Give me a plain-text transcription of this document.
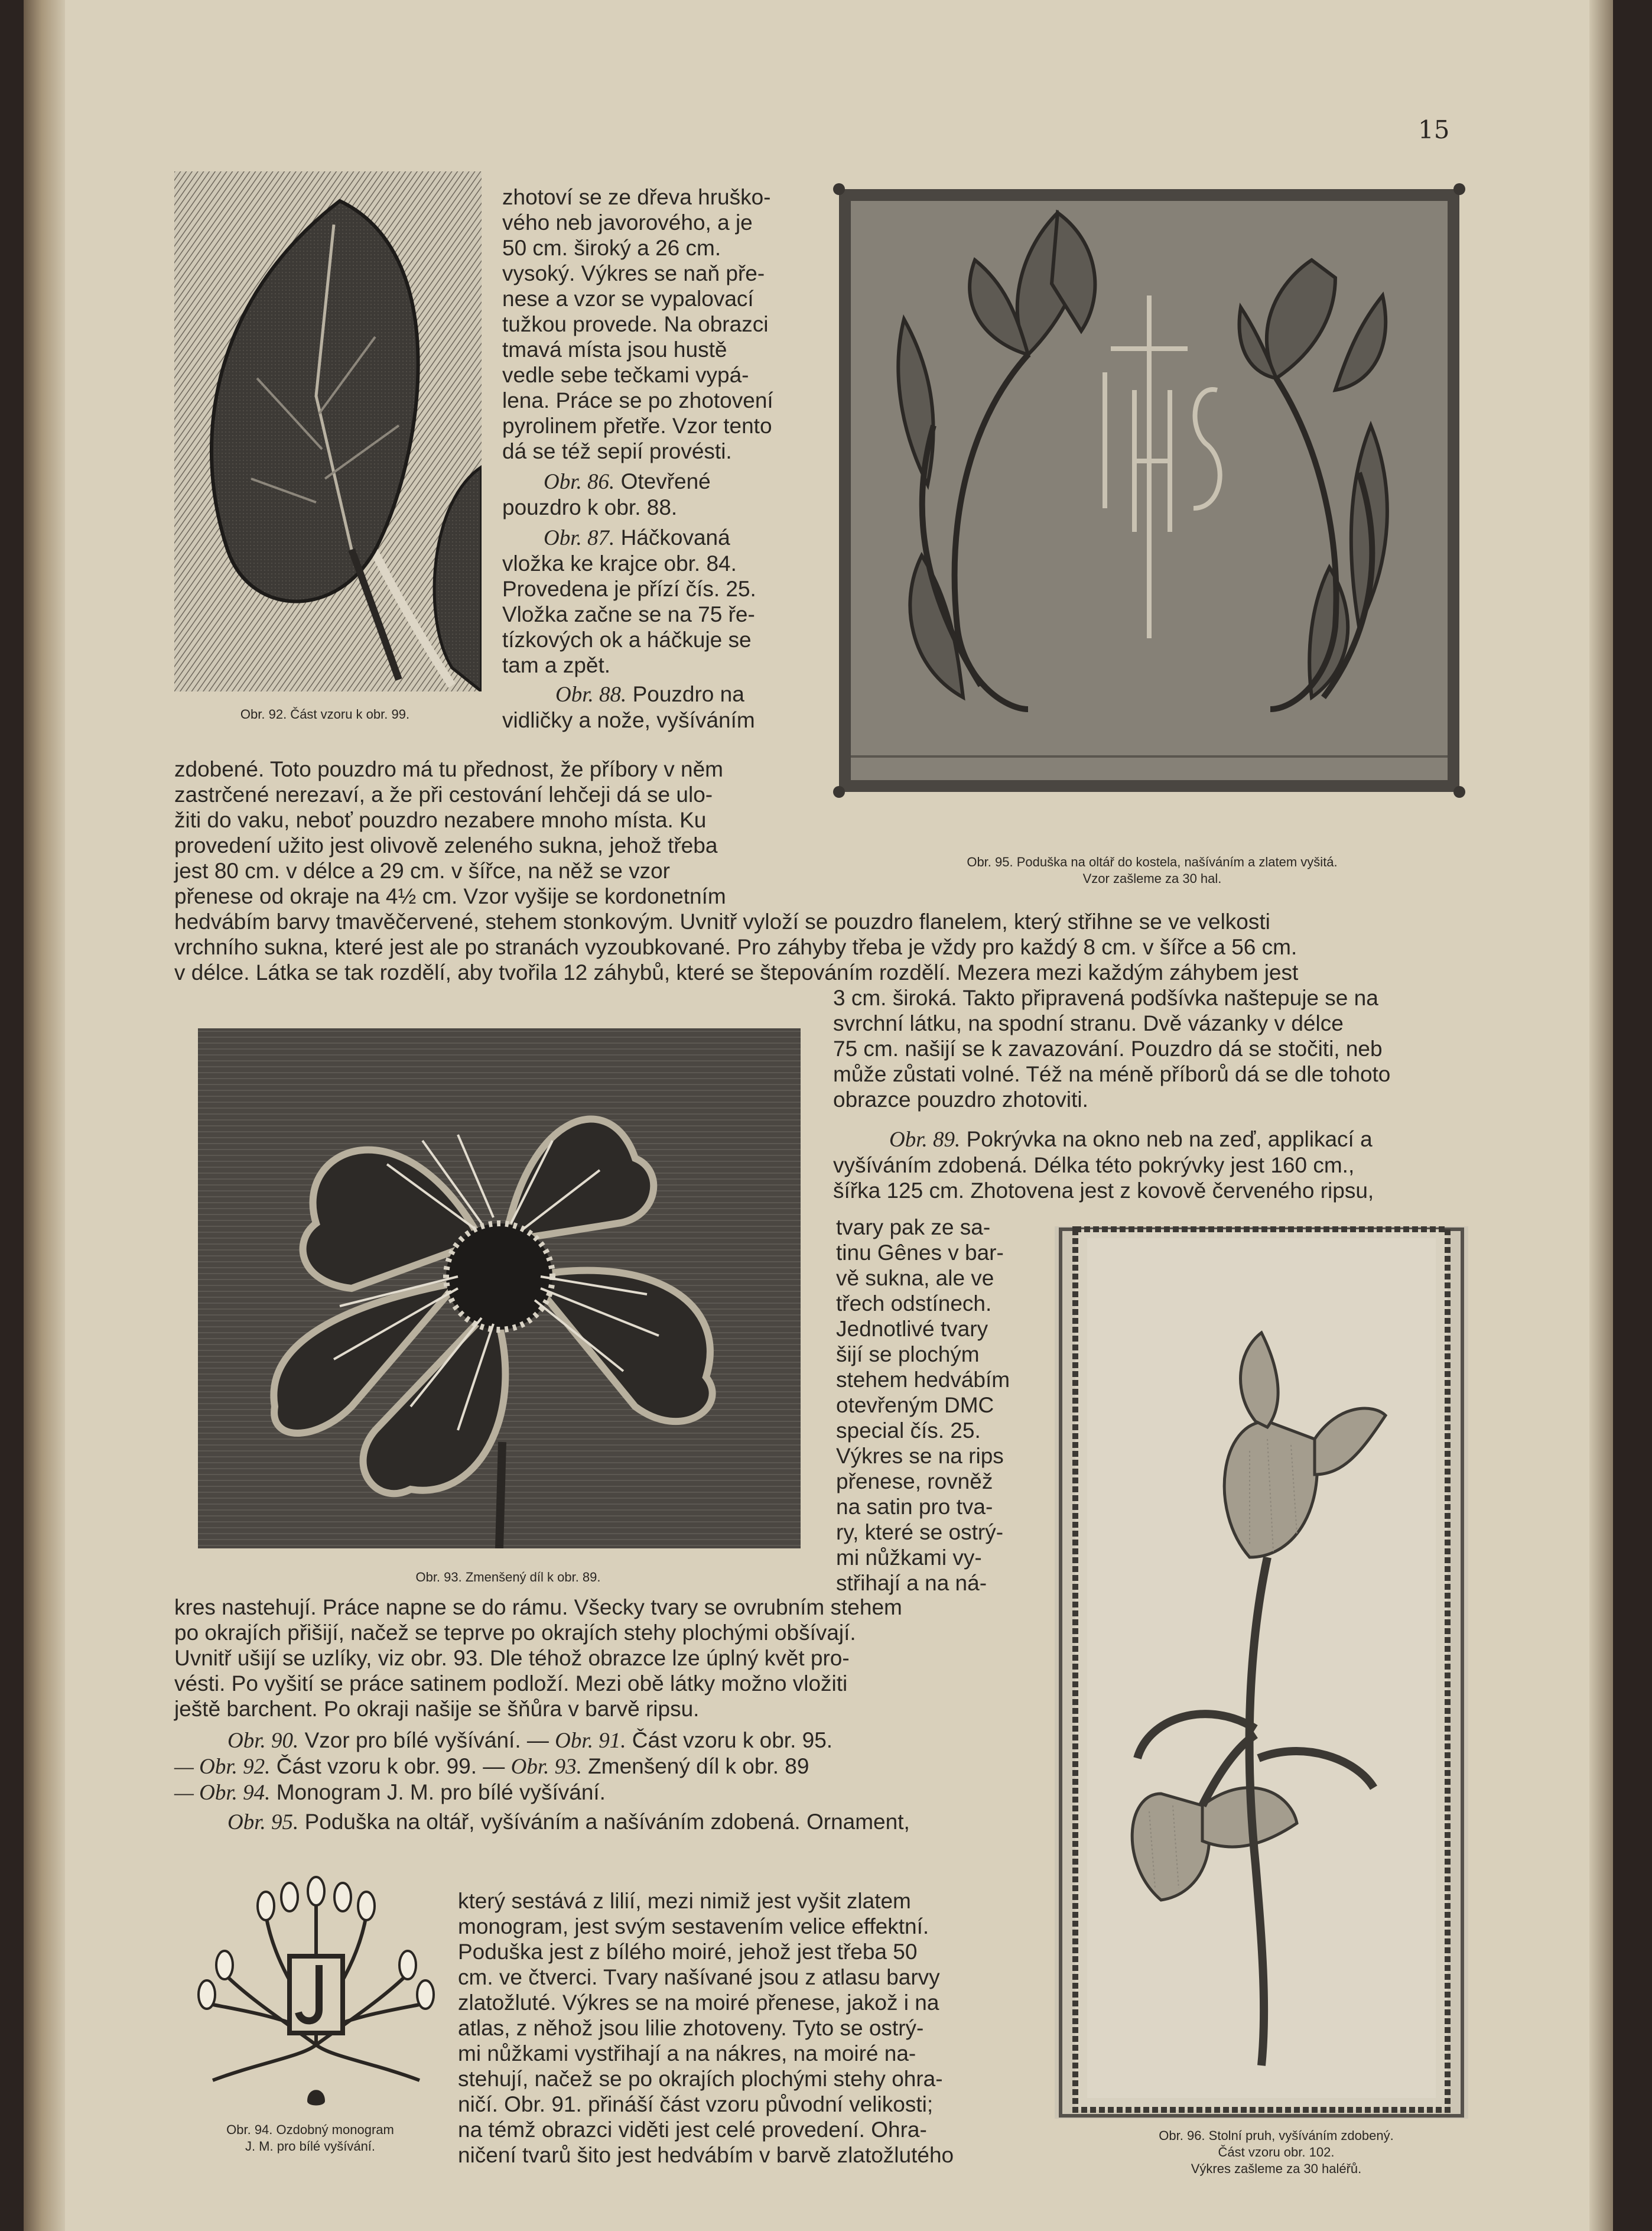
15
Obr. 92. Část vzoru k obr. 99.

zhotoví se ze dřeva hruško-

vého neb javorového, a je

50 cm. široký a 26 cm.

vysoký. Výkres se naň pře-

nese a vzor se vypalovací

tužkou provede. Na obrazci

tmavá místa jsou hustě

vedle sebe tečkami vypá-

lena. Práce se po zhotovení

pyrolinem přetře. Vzor tento

dá se též sepií provésti.

Obr. 86. Otevřené

pouzdro k obr. 88.

Obr. 87. Háčkovaná

vložka ke krajce obr. 84.

Provedena je přízí čís. 25.

Vložka začne se na 75 ře-

tízkových ok a háčkuje se

tam a zpět.

Obr. 88. Pouzdro na

vidličky a nože, vyšíváním

zdobené. Toto pouzdro má tu přednost, že příbory v něm

zastrčené nerezaví, a že při cestování lehčeji dá se ulo-

žiti do vaku, neboť pouzdro nezabere mnoho místa. Ku

provedení užito jest olivově zeleného sukna, jehož třeba

jest 80 cm. v délce a 29 cm. v šířce, na něž se vzor

přenese od okraje na 4½ cm. Vzor vyšije se kordonetním

Obr. 95. Poduška na oltář do kostela, našíváním a zlatem vyšitá.
Vzor zašleme za 30 hal.

hedvábím barvy tmavěčervené, stehem stonkovým. Uvnitř vyloží se pouzdro flanelem, který střihne se ve velkosti

vrchního sukna, které jest ale po stranách vyzoubkované. Pro záhyby třeba je vždy pro každý 8 cm. v šířce a 56 cm.

v délce. Látka se tak rozdělí, aby tvořila 12 záhybů, které se štepováním rozdělí. Mezera mezi každým záhybem jest

Obr. 93. Zmenšený díl k obr. 89.

3 cm. široká. Takto připravená podšívka naštepuje se na

svrchní látku, na spodní stranu. Dvě vázanky v délce

75 cm. našijí se k zavazování. Pouzdro dá se stočiti, neb

může zůstati volné. Též na méně příborů dá se dle tohoto

obrazce pouzdro zhotoviti.

Obr. 89. Pokrývka na okno neb na zeď, applikací a

vyšíváním zdobená. Délka této pokrývky jest 160 cm.,

šířka 125 cm. Zhotovena jest z kovově červeného ripsu,

tvary pak ze sa-

tinu Gênes v bar-

vě sukna, ale ve

třech odstínech.

Jednotlivé tvary

šijí se plochým

stehem hedvábím

otevřeným DMC

special čís. 25.

Výkres se na rips

přenese, rovněž

na satin pro tva-

ry, které se ostrý-

mi nůžkami vy-

střihají a na ná-

Obr. 96. Stolní pruh, vyšíváním zdobený.
Část vzoru obr. 102.
Výkres zašleme za 30 haléřů.

kres nastehují. Práce napne se do rámu. Všecky tvary se ovrubním stehem

po okrajích přišijí, načež se teprve po okrajích stehy plochými obšívají.

Uvnitř ušijí se uzlíky, viz obr. 93. Dle téhož obrazce lze úplný květ pro-

vésti. Po vyšití se práce satinem podloží. Mezi obě látky možno vložiti

ještě barchent. Po okraji našije se šňůra v barvě ripsu.

Obr. 90. Vzor pro bílé vyšívání. — Obr. 91. Část vzoru k obr. 95.

— Obr. 92. Část vzoru k obr. 99. — Obr. 93. Zmenšený díl k obr. 89

— Obr. 94. Monogram J. M. pro bílé vyšívání.

Obr. 95. Poduška na oltář, vyšíváním a našíváním zdobená. Ornament,

Obr. 94. Ozdobný monogram
J. M. pro bílé vyšívání.

který sestává z lilií, mezi nimiž jest vyšit zlatem

monogram, jest svým sestavením velice effektní.

Poduška jest z bílého moiré, jehož jest třeba 50

cm. ve čtverci. Tvary našívané jsou z atlasu barvy

zlatožluté. Výkres se na moiré přenese, jakož i na

atlas, z něhož jsou lilie zhotoveny. Tyto se ostrý-

mi nůžkami vystřihají a na nákres, na moiré na-

stehují, načež se po okrajích plochými stehy ohra-

ničí. Obr. 91. přináší část vzoru původní velikosti;

na témž obrazci viděti jest celé provedení. Ohra-

ničení tvarů šito jest hedvábím v barvě zlatožlutého
